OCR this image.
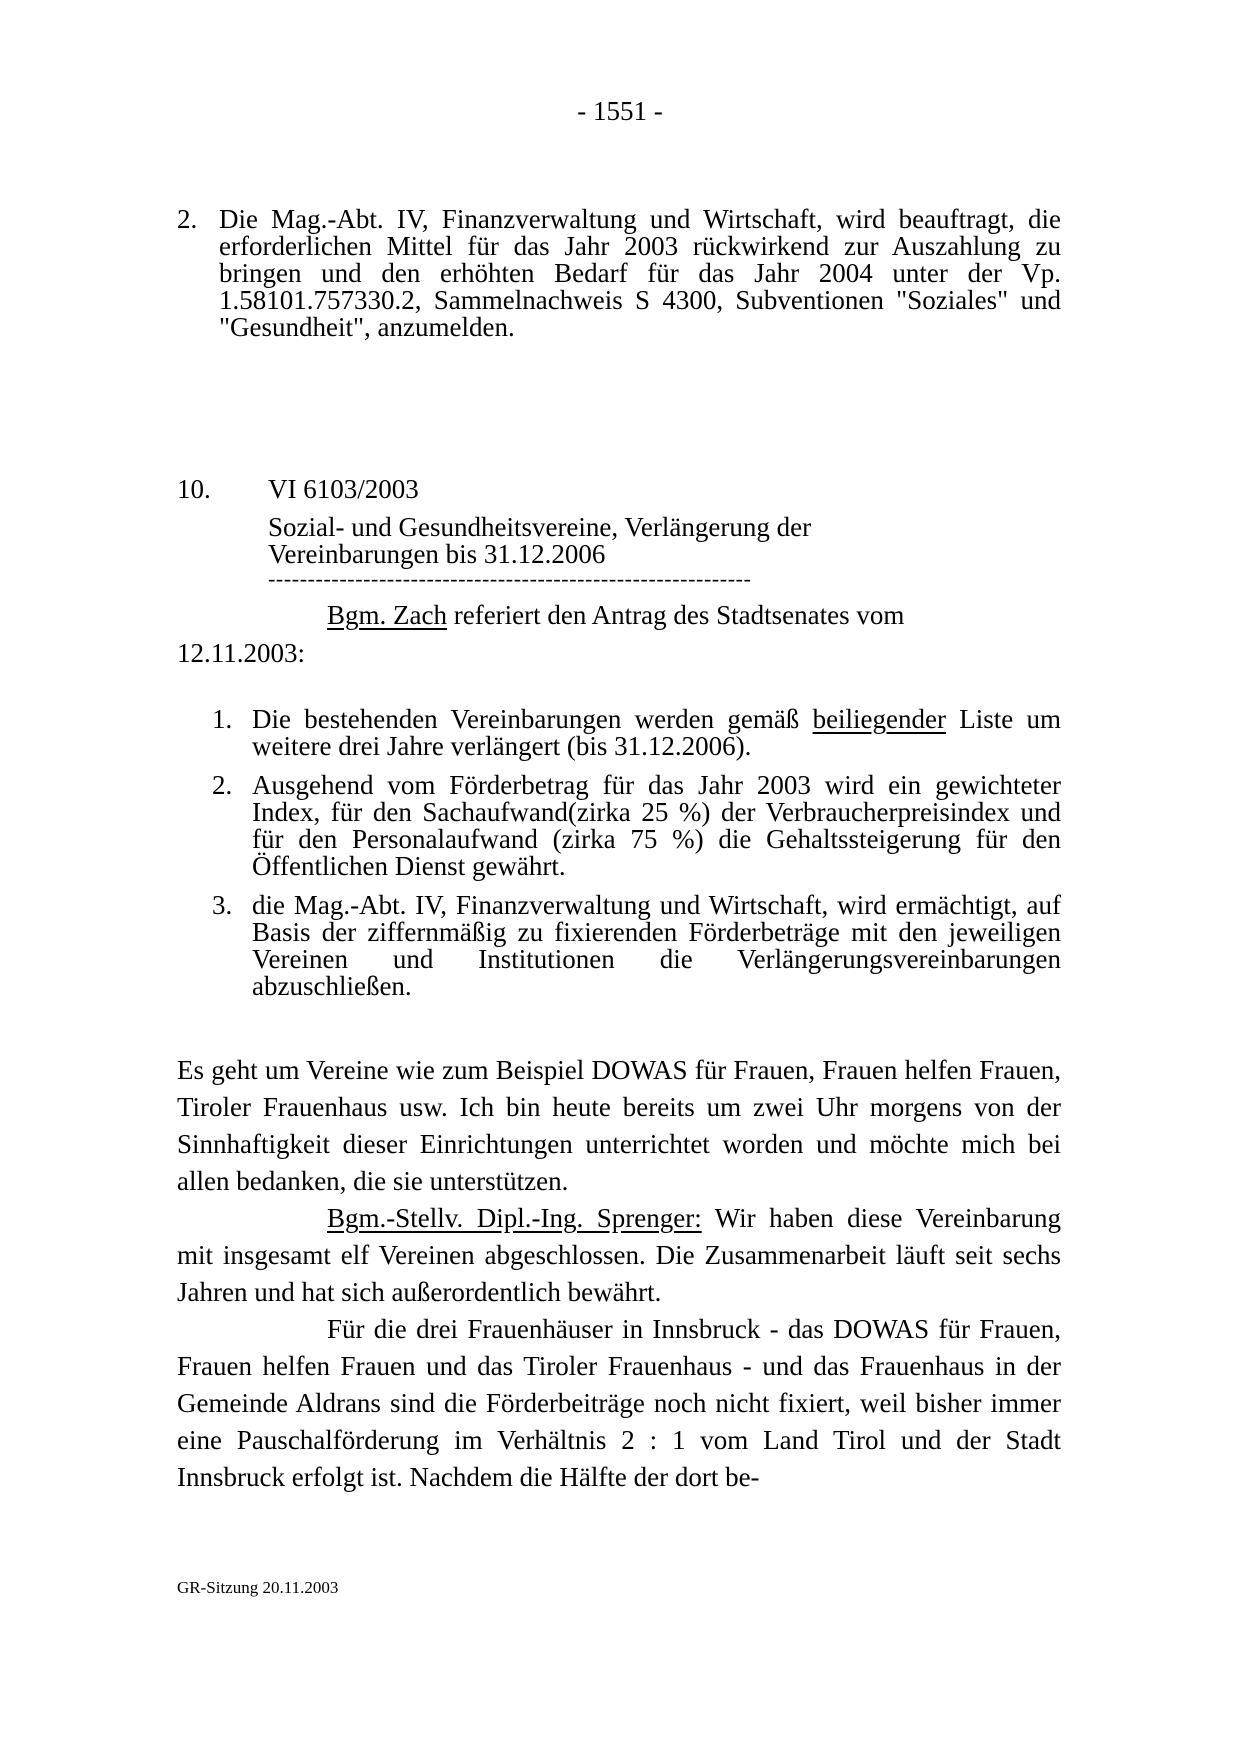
- 1551 -
2. Die Mag.-Abt. IV, Finanzverwaltung und Wirtschaft, wird beauftragt, die erforderlichen Mittel für das Jahr 2003 rückwirkend zur Auszahlung zu bringen und den erhöhten Bedarf für das Jahr 2004 unter der Vp. 1.58101.757330.2, Sammelnachweis S 4300, Subventionen "Soziales" und "Gesundheit", anzumelden.
10. VI 6103/2003
Sozial- und Gesundheitsvereine, Verlängerung der
Vereinbarungen bis 31.12.2006
-------------------------------------------------------------
Bgm. Zach referiert den Antrag des Stadtsenates vom
12.11.2003:
1. Die bestehenden Vereinbarungen werden gemäß beiliegender Liste um weitere drei Jahre verlängert (bis 31.12.2006).
2. Ausgehend vom Förderbetrag für das Jahr 2003 wird ein gewichteter Index, für den Sachaufwand(zirka 25 %) der Verbraucherpreisindex und für den Personalaufwand (zirka 75 %) die Gehaltssteigerung für den Öffentlichen Dienst gewährt.
3. die Mag.-Abt. IV, Finanzverwaltung und Wirtschaft, wird ermächtigt, auf Basis der ziffernmäßig zu fixierenden Förderbeträge mit den jeweiligen Vereinen und Institutionen die Verlängerungsvereinbarungen abzuschließen.
Es geht um Vereine wie zum Beispiel DOWAS für Frauen, Frauen helfen Frauen, Tiroler Frauenhaus usw. Ich bin heute bereits um zwei Uhr morgens von der Sinnhaftigkeit dieser Einrichtungen unterrichtet worden und möchte mich bei allen bedanken, die sie unterstützen.
Bgm.-Stellv. Dipl.-Ing. Sprenger: Wir haben diese Vereinbarung mit insgesamt elf Vereinen abgeschlossen. Die Zusammenarbeit läuft seit sechs Jahren und hat sich außerordentlich bewährt.
Für die drei Frauenhäuser in Innsbruck - das DOWAS für Frauen, Frauen helfen Frauen und das Tiroler Frauenhaus - und das Frauenhaus in der Gemeinde Aldrans sind die Förderbeiträge noch nicht fixiert, weil bisher immer eine Pauschalförderung im Verhältnis 2 : 1 vom Land Tirol und der Stadt Innsbruck erfolgt ist. Nachdem die Hälfte der dort be-
GR-Sitzung 20.11.2003
